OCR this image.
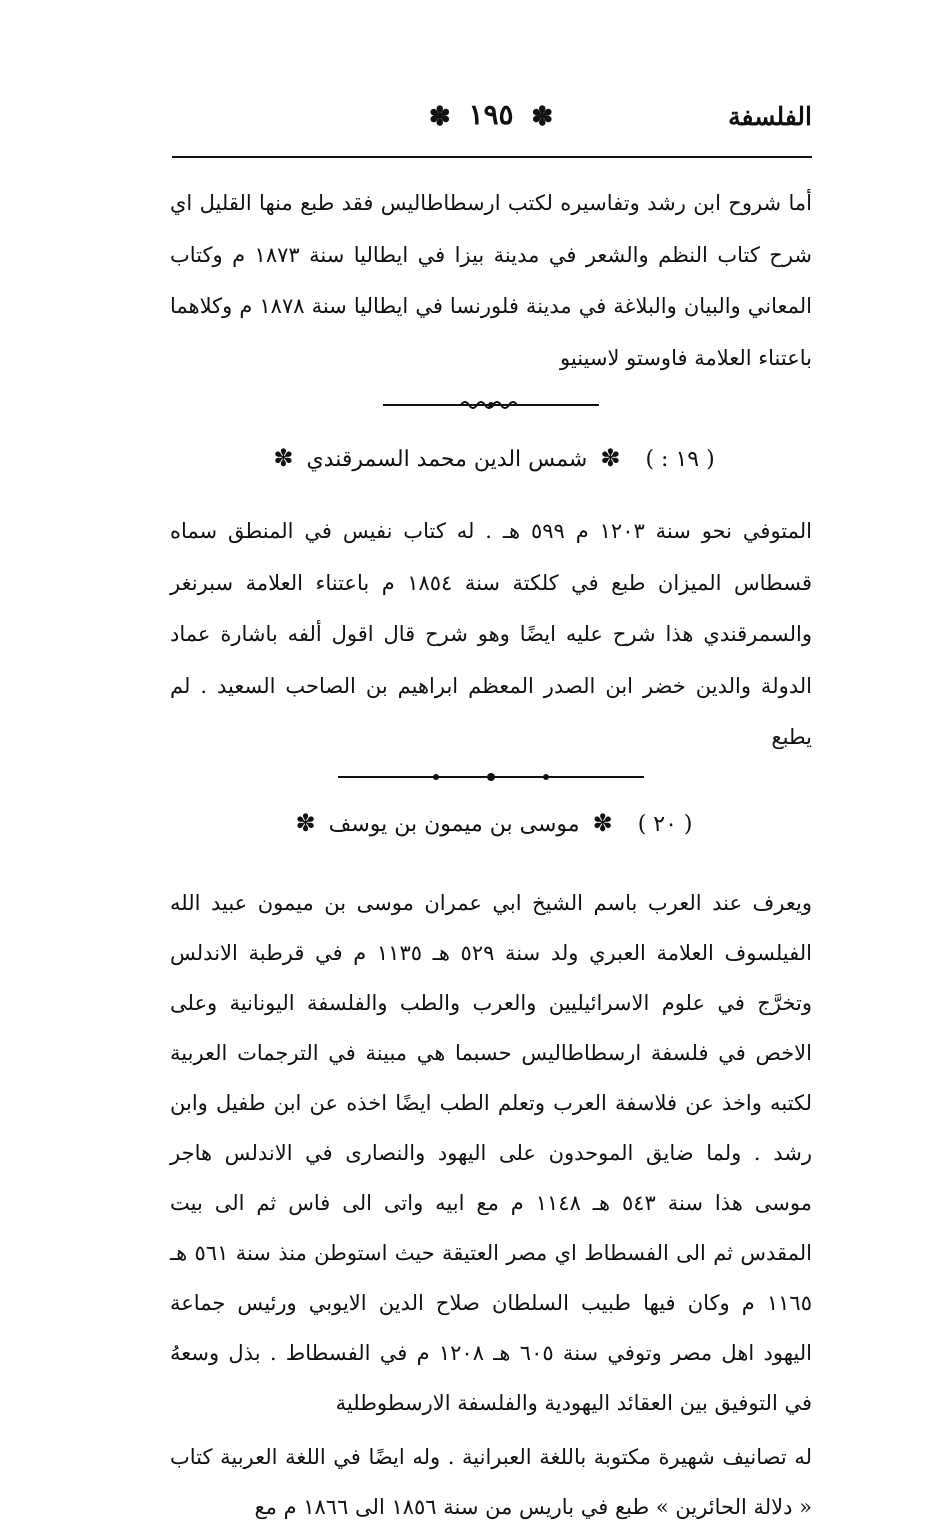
الفلسفة
✽ ١٩٥ ✽

أما شروح ابن رشد وتفاسيره لكتب ارسطاطاليس فقد طبع منها القليل اي شرح كتاب النظم والشعر في مدينة بيزا في ايطاليا سنة ١٨٧٣ م وكتاب المعاني والبيان والبلاغة في مدينة فلورنسا في ايطاليا سنة ١٨٧٨ م وكلاهما باعتناء العلامة فاوستو لاسينيو

( ١٩ : ) ✽ شمس الدين محمد السمرقندي ✽

المتوفي نحو سنة ١٢٠٣ م ٥٩٩ هـ . له كتاب نفيس في المنطق سماه قسطاس الميزان طبع في كلكتة سنة ١٨٥٤ م باعتناء العلامة سبرنغر والسمرقندي هذا شرح عليه ايضًا وهو شرح قال اقول ألفه باشارة عماد الدولة والدين خضر ابن الصدر المعظم ابراهيم بن الصاحب السعيد . لم يطبع

( ٢٠ ) ✽ موسى بن ميمون بن يوسف ✽

ويعرف عند العرب باسم الشيخ ابي عمران موسى بن ميمون عبيد الله الفيلسوف العلامة العبري ولد سنة ٥٢٩ هـ ١١٣٥ م في قرطبة الاندلس وتخرَّج في علوم الاسرائيليين والعرب والطب والفلسفة اليونانية وعلى الاخص في فلسفة ارسطاطاليس حسبما هي مبينة في الترجمات العربية لكتبه واخذ عن فلاسفة العرب وتعلم الطب ايضًا اخذه عن ابن طفيل وابن رشد . ولما ضايق الموحدون على اليهود والنصارى في الاندلس هاجر موسى هذا سنة ٥٤٣ هـ ١١٤٨ م مع ابيه واتى الى فاس ثم الى بيت المقدس ثم الى الفسطاط اي مصر العتيقة حيث استوطن منذ سنة ٥٦١ هـ ١١٦٥ م وكان فيها طبيب السلطان صلاح الدين الايوبي ورئيس جماعة اليهود اهل مصر وتوفي سنة ٦٠٥ هـ ١٢٠٨ م في الفسطاط . بذل وسعهُ في التوفيق بين العقائد اليهودية والفلسفة الارسطوطلية

له تصانيف شهيرة مكتوبة باللغة العبرانية . وله ايضًا في اللغة العربية كتاب « دلالة الحائرين » طبع في باريس من سنة ١٨٥٦ الى ١٨٦٦ م مع
